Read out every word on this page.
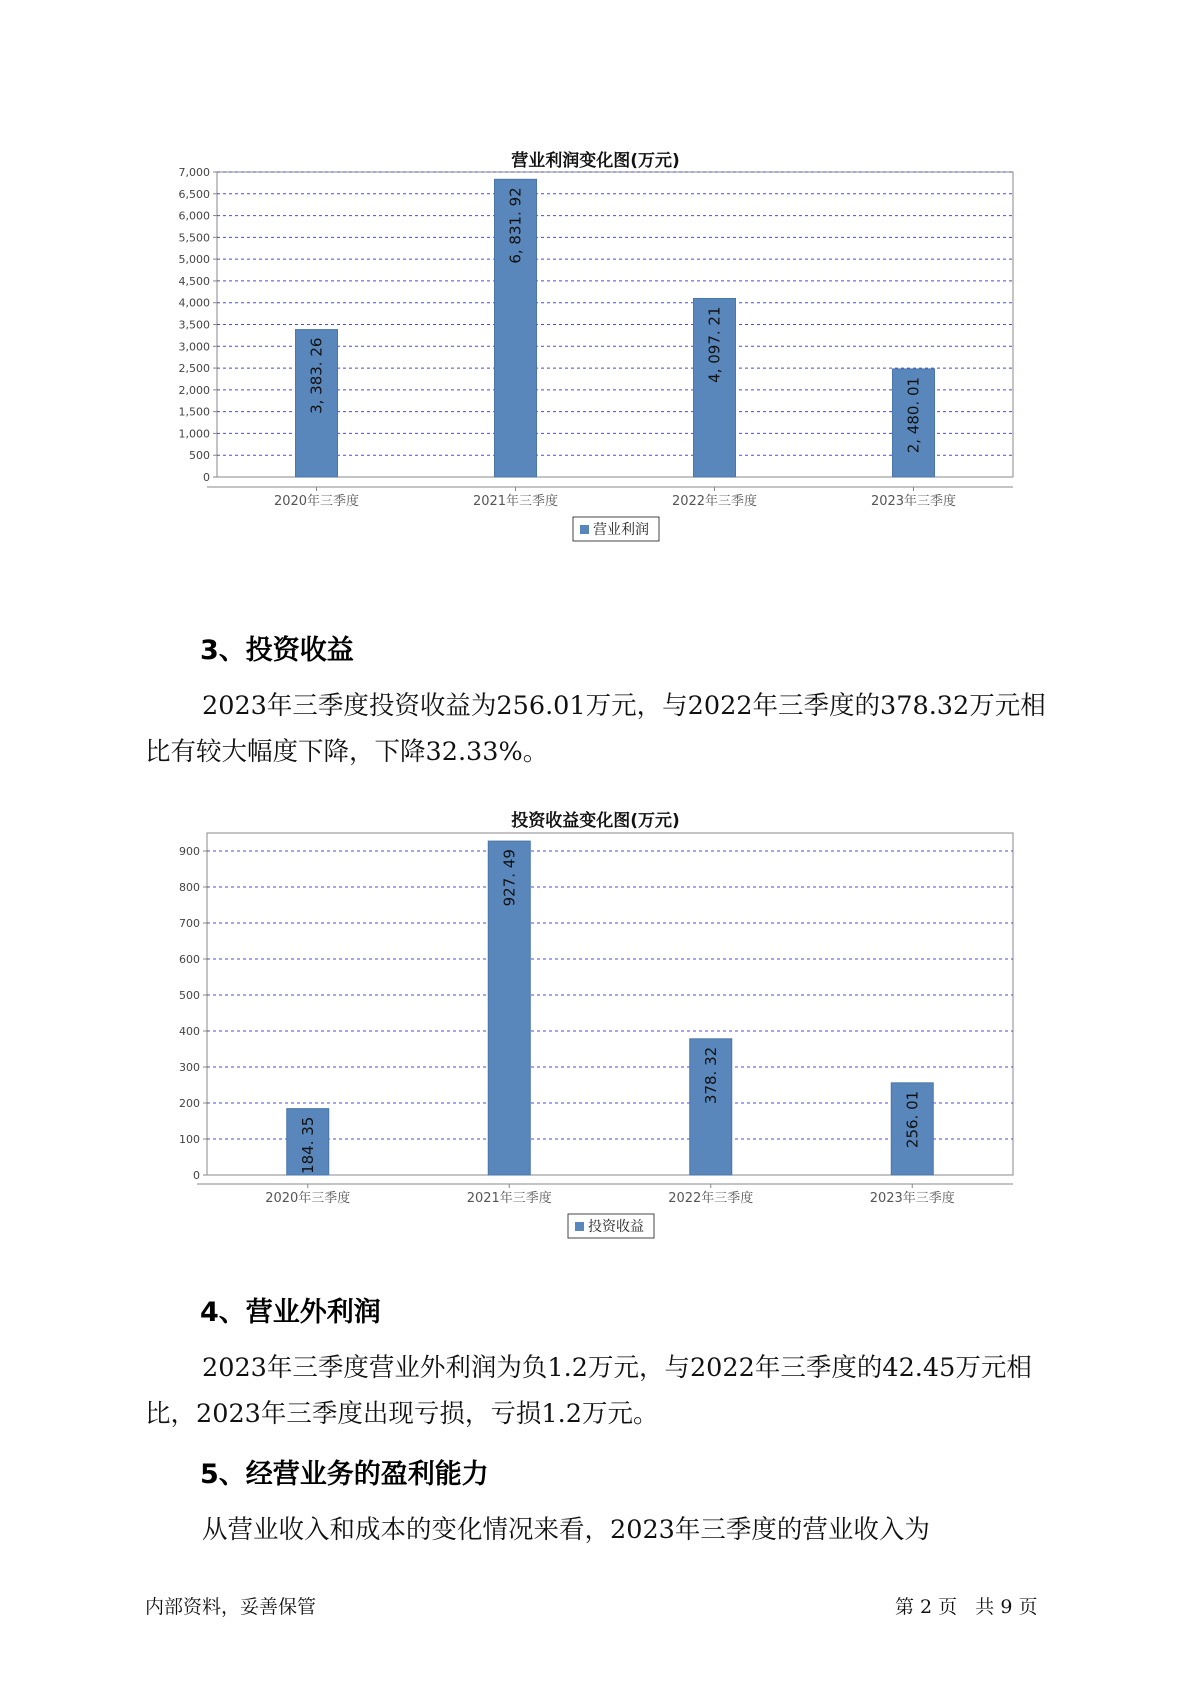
营业利润变化图(万元)
0
500
1,000
1,500
2,000
2,500
3,000
3,500
4,000
4,500
5,000
5,500
6,000
6,500
7,000
3, 383. 26
2020年三季度
6, 831. 92
2021年三季度
4, 097. 21
2022年三季度
2, 480. 01
2023年三季度
营业利润
3、投资收益

2023年三季度投资收益为256.01万元，与2022年三季度的378.32万元相比有较大幅度下降，下降32.33%。

投资收益变化图(万元)
0
100
200
300
400
500
600
700
800
900
184. 35
2020年三季度
927. 49
2021年三季度
378. 32
2022年三季度
256. 01
2023年三季度
投资收益
4、营业外利润

2023年三季度营业外利润为负1.2万元，与2022年三季度的42.45万元相比，2023年三季度出现亏损，亏损1.2万元。

5、经营业务的盈利能力

从营业收入和成本的变化情况来看，2023年三季度的营业收入为

内部资料，妥善保管	第 2 页   共 9 页
